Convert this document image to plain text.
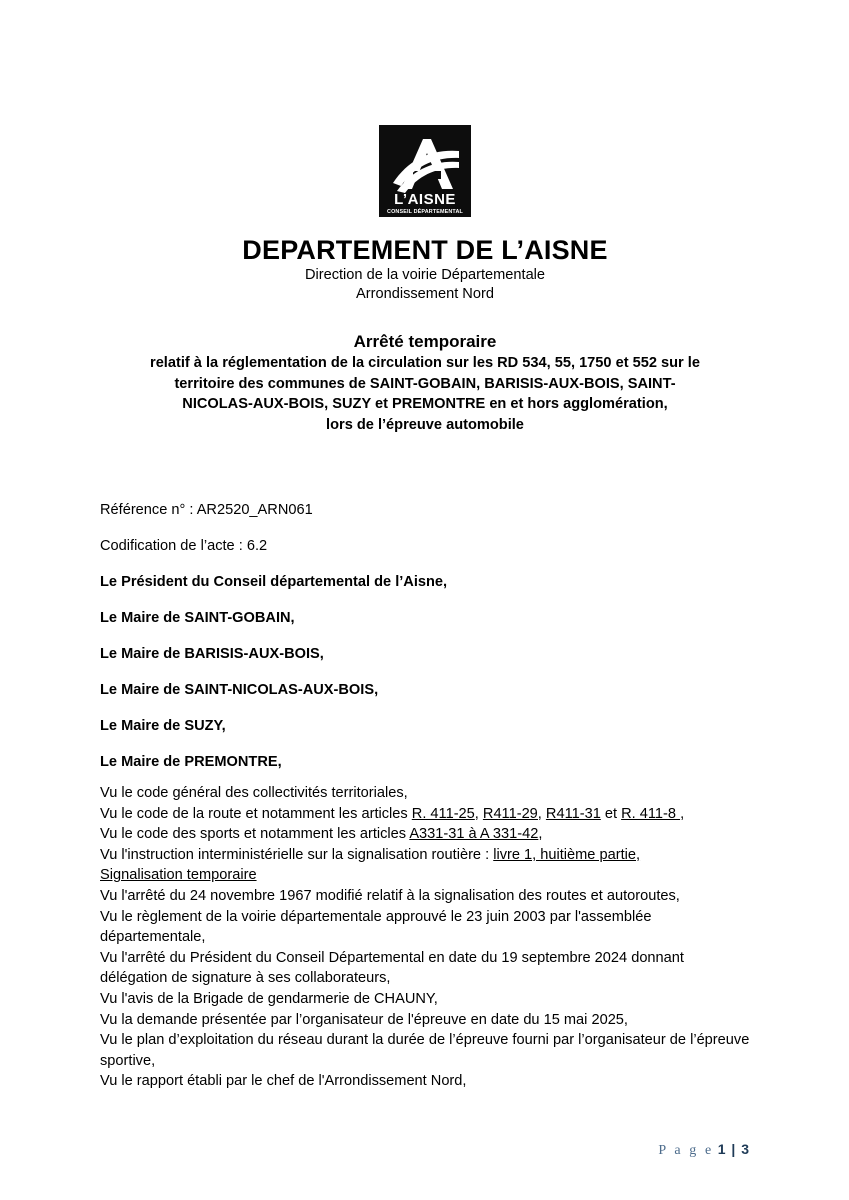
L’AISNE
CONSEIL DÉPARTEMENTAL

DEPARTEMENT DE L’AISNE

Direction de la voirie Départementale

Arrondissement Nord

Arrêté temporaire

relatif à la réglementation de la circulation sur les RD 534, 55, 1750 et 552 sur le

territoire des communes de SAINT-GOBAIN, BARISIS-AUX-BOIS, SAINT-

NICOLAS-AUX-BOIS, SUZY et PREMONTRE en et hors agglomération,

lors de l’épreuve automobile

Référence n° : AR2520_ARN061

Codification de l’acte : 6.2

Le Président du Conseil départemental de l’Aisne,

Le Maire de SAINT-GOBAIN,

Le Maire de BARISIS-AUX-BOIS,

Le Maire de SAINT-NICOLAS-AUX-BOIS,

Le Maire de SUZY,

Le Maire de PREMONTRE,

Vu le code général des collectivités territoriales,

Vu le code de la route et notamment les articles R. 411-25, R411-29, R411-31 et R. 411-8 ,

Vu le code des sports et notamment les articles A331-31 à A 331-42,

Vu l'instruction interministérielle sur la signalisation routière : livre 1, huitième partie,

Signalisation temporaire

Vu l'arrêté du 24 novembre 1967 modifié relatif à la signalisation des routes et autoroutes,

Vu le règlement de la voirie départementale approuvé le 23 juin 2003 par l'assemblée départementale,

Vu l'arrêté du Président du Conseil Départemental en date du 19 septembre 2024 donnant délégation de signature à ses collaborateurs,

Vu l'avis de la Brigade de gendarmerie de CHAUNY,

Vu la demande présentée par l’organisateur de l'épreuve en date du 15 mai 2025,

Vu le plan d’exploitation du réseau durant la durée de l’épreuve fourni par l’organisateur de l’épreuve sportive,

Vu le rapport établi par le chef de l'Arrondissement Nord,

P a g e 1 | 3
